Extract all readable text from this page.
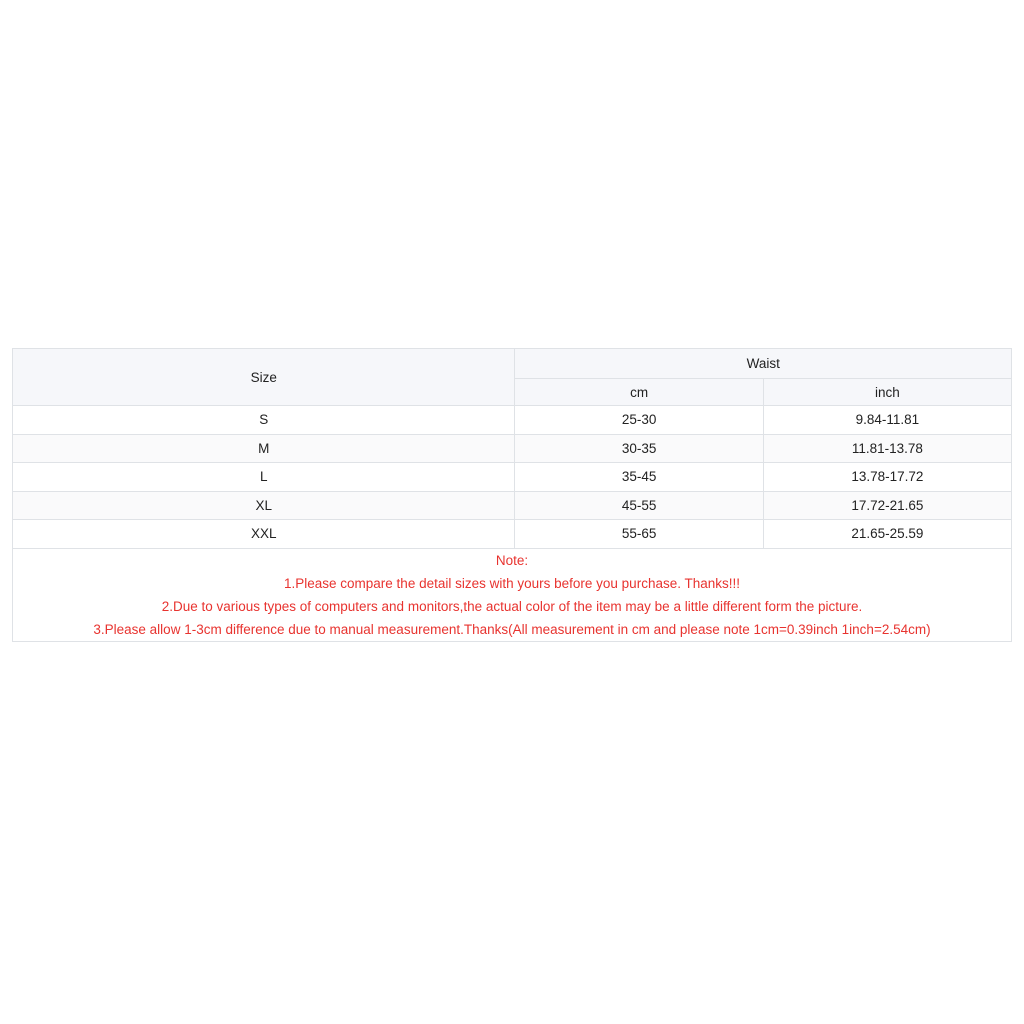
Size	Waist	
	cm	inch
S	25-30	9.84-11.81
M	30-35	11.81-13.78
L	35-45	13.78-17.72
XL	45-55	17.72-21.65
XXL	55-65	21.65-25.59

Note:
1.Please compare the detail sizes with yours before you purchase. Thanks!!!
2.Due to various types of computers and monitors,the actual color of the item may be a little different form the picture.
3.Please allow 1-3cm difference due to manual measurement.Thanks(All measurement in cm and please note 1cm=0.39inch 1inch=2.54cm)		
